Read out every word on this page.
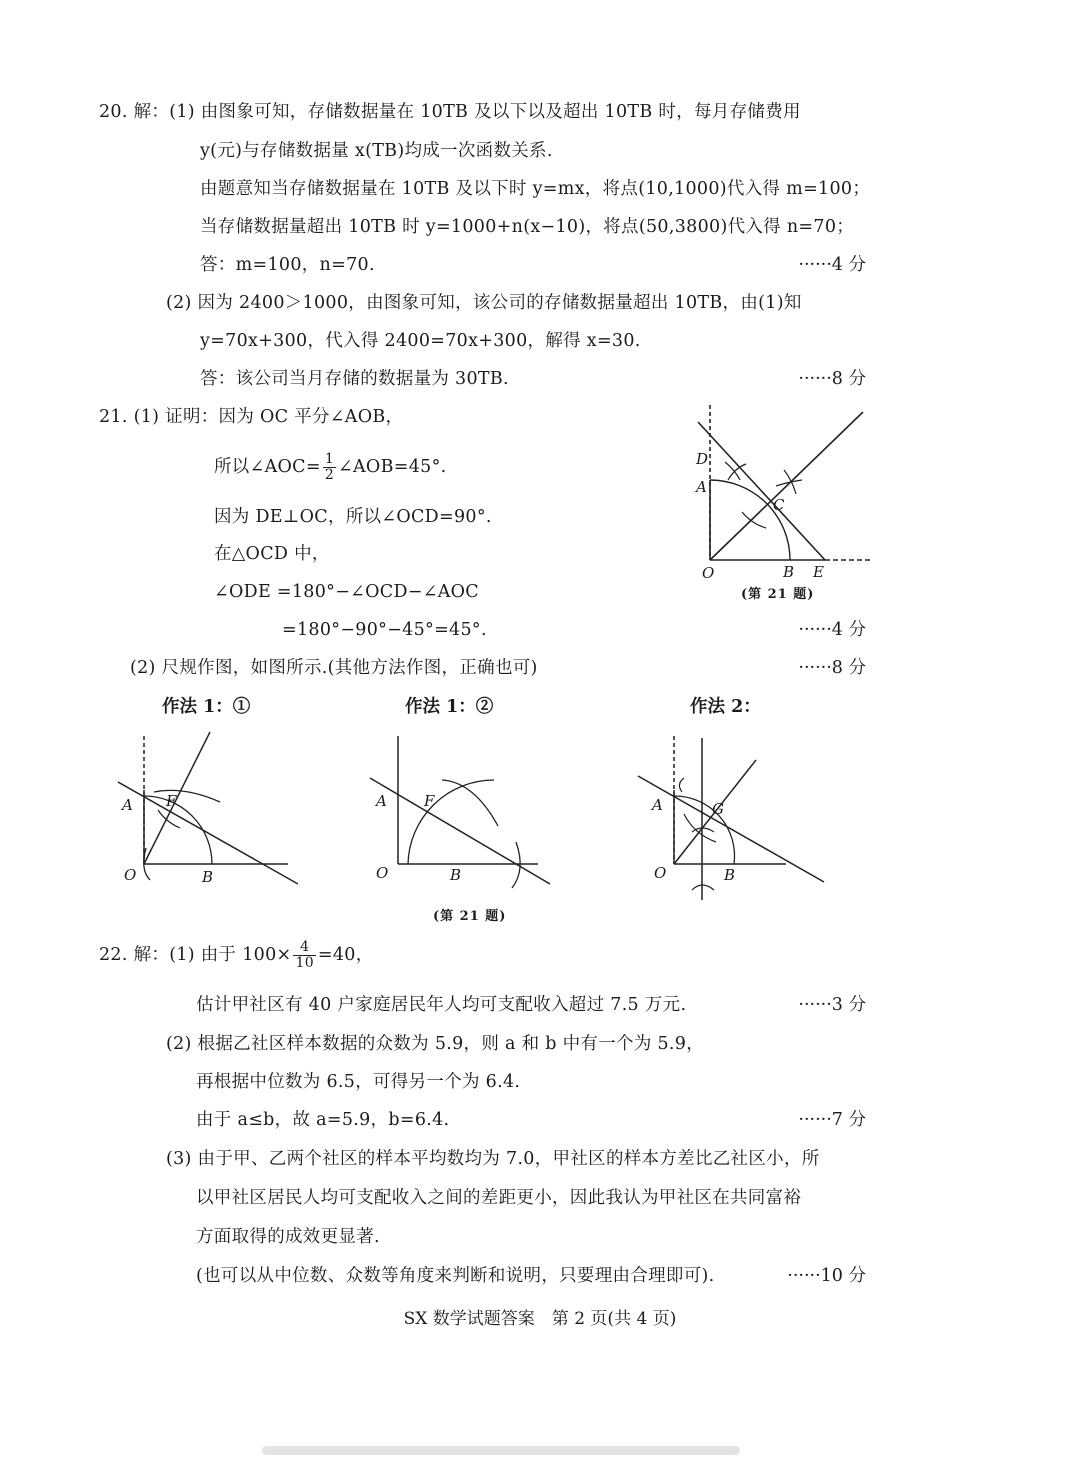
20. 解：(1) 由图象可知，存储数据量在 10TB 及以下以及超出 10TB 时，每月存储费用
y(元)与存储数据量 x(TB)均成一次函数关系.
由题意知当存储数据量在 10TB 及以下时 y=mx，将点(10,1000)代入得 m=100；
当存储数据量超出 10TB 时 y=1000+n(x−10)，将点(50,3800)代入得 n=70；
答：m=100，n=70.	······4 分
(2) 因为 2400＞1000，由图象可知，该公司的存储数据量超出 10TB，由(1)知
y=70x+300，代入得 2400=70x+300，解得 x=30.
答：该公司当月存储的数据量为 30TB.	······8 分
21. (1) 证明：因为 OC 平分∠AOB，
所以∠AOC= $\frac{1}{2}$ ∠AOB=45°.
因为 DE⊥OC，所以∠OCD=90°.
在△OCD 中，
∠ODE =180°−∠OCD−∠AOC
=180°−90°−45°=45°.	······4 分
(2) 尺规作图，如图所示.(其他方法作图，正确也可)	······8 分
D
A
C
O	B E
(第 21 题)
作法 1：①	作法 1：②	作法 2：
A F
O	B
A F
O	B
A	G
O	B
(第 21 题)
22. 解：(1) 由于 $100\times \frac{4}{10} =40$，
估计甲社区有 40 户家庭居民年人均可支配收入超过 7.5 万元.	······3 分
(2) 根据乙社区样本数据的众数为 5.9，则 a 和 b 中有一个为 5.9，
再根据中位数为 6.5，可得另一个为 6.4.
由于 a≤b，故 a=5.9，b=6.4.	······7 分
(3) 由于甲、乙两个社区的样本平均数均为 7.0，甲社区的样本方差比乙社区小，所
以甲社区居民人均可支配收入之间的差距更小，因此我认为甲社区在共同富裕
方面取得的成效更显著.
(也可以从中位数、众数等角度来判断和说明，只要理由合理即可).	······10 分
SX 数学试题答案　第 2 页(共 4 页)
